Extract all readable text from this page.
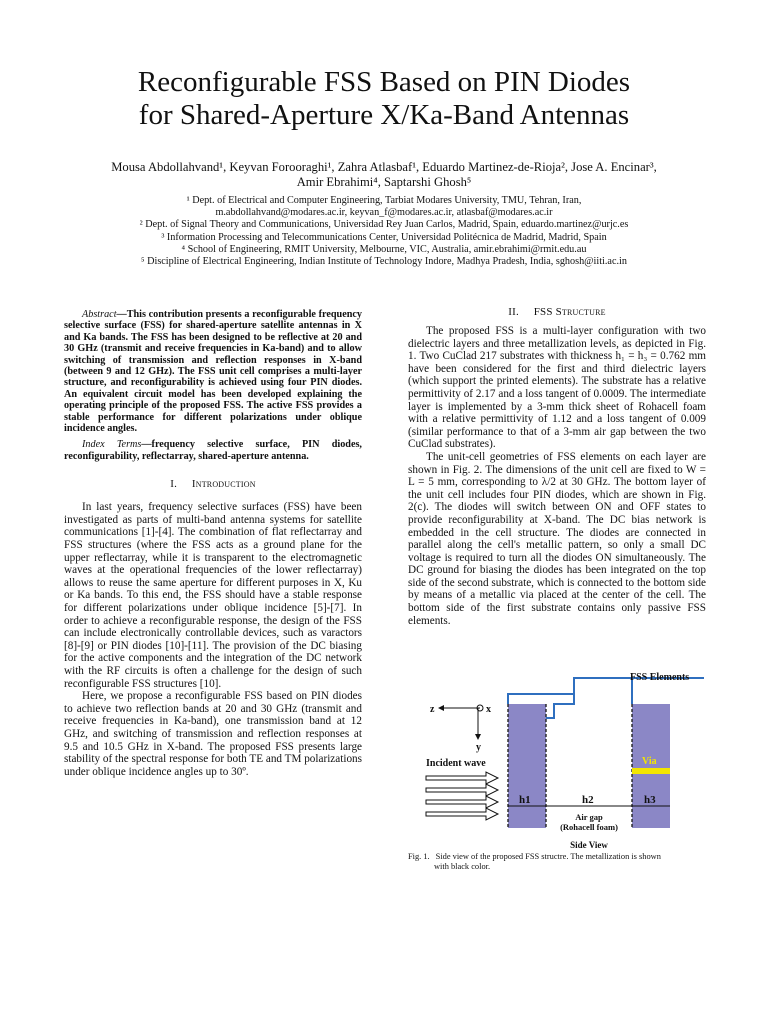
Reconfigurable FSS Based on PIN Diodes
for Shared-Aperture X/Ka-Band Antennas
Mousa Abdollahvand¹, Keyvan Forooraghi¹, Zahra Atlasbaf¹, Eduardo Martinez-de-Rioja², Jose A. Encinar³,
Amir Ebrahimi⁴, Saptarshi Ghosh⁵
¹ Dept. of Electrical and Computer Engineering, Tarbiat Modares University, TMU, Tehran, Iran,
m.abdollahvand@modares.ac.ir, keyvan_f@modares.ac.ir, atlasbaf@modares.ac.ir
² Dept. of Signal Theory and Communications, Universidad Rey Juan Carlos, Madrid, Spain, eduardo.martinez@urjc.es
³ Information Processing and Telecommunications Center, Universidad Politécnica de Madrid, Madrid, Spain
⁴ School of Engineering, RMIT University, Melbourne, VIC, Australia, amir.ebrahimi@rmit.edu.au
⁵ Discipline of Electrical Engineering, Indian Institute of Technology Indore, Madhya Pradesh, India, sghosh@iiti.ac.in

Abstract—This contribution presents a reconfigurable frequency selective surface (FSS) for shared-aperture satellite antennas in X and Ka bands. The FSS has been designed to be reflective at 20 and 30 GHz (transmit and receive frequencies in Ka-band) and to allow switching of transmission and reflection responses in X-band (between 9 and 12 GHz). The FSS unit cell comprises a multi-layer structure, and reconfigurability is achieved using four PIN diodes. An equivalent circuit model has been developed explaining the operating principle of the proposed FSS. The active FSS provides a stable performance for different polarizations under oblique incidence angles.

Index Terms—frequency selective surface, PIN diodes, reconfigurability, reflectarray, shared-aperture antenna.

I. Introduction

In last years, frequency selective surfaces (FSS) have been investigated as parts of multi-band antenna systems for satellite communications [1]-[4]. The combination of flat reflectarray and FSS structures (where the FSS acts as a ground plane for the upper reflectarray, while it is transparent to the electromagnetic waves at the operational frequencies of the lower reflectarray) allows to reuse the same aperture for different purposes in X, Ku or Ka bands. To this end, the FSS should have a stable response for different polarizations under oblique incidence [5]-[7]. In order to achieve a reconfigurable response, the design of the FSS can include electronically controllable devices, such as varactors [8]-[9] or PIN diodes [10]-[11]. The provision of the DC biasing for the active components and the integration of the DC network with the RF circuits is often a challenge for the design of such reconfigurable FSS structures [10].

Here, we propose a reconfigurable FSS based on PIN diodes to achieve two reflection bands at 20 and 30 GHz (transmit and receive frequencies in Ka-band), one transmission band at 12 GHz, and switching of transmission and reflection responses at 9.5 and 10.5 GHz in X-band. The proposed FSS presents large stability of the spectral response for both TE and TM polarizations under oblique incidence angles up to 30º.

II. FSS Structure

The proposed FSS is a multi-layer configuration with two dielectric layers and three metallization levels, as depicted in Fig. 1. Two CuClad 217 substrates with thickness h₁ = h₃ = 0.762 mm have been considered for the first and third dielectric layers (which support the printed elements). The substrate has a relative permittivity of 2.17 and a loss tangent of 0.0009. The intermediate layer is implemented by a 3-mm thick sheet of Rohacell foam with a relative permittivity of 1.12 and a loss tangent of 0.009 (similar performance to that of a 3-mm air gap between the two CuClad substrates).

The unit-cell geometries of FSS elements on each layer are shown in Fig. 2. The dimensions of the unit cell are fixed to W = L = 5 mm, corresponding to λ/2 at 30 GHz. The bottom layer of the unit cell includes four PIN diodes, which are shown in Fig. 2(c). The diodes will switch between ON and OFF states to provide reconfigurability at X-band. The DC bias network is embedded in the cell structure. The diodes are connected in parallel along the cell's metallic pattern, so only a small DC voltage is required to turn all the diodes ON simultaneously. The DC ground for biasing the diodes has been integrated on the top side of the second substrate, which is connected to the bottom side by means of a metallic via placed at the center of the cell. The bottom side of the first substrate contains only passive FSS elements.

Via
FSS Elements
z	x
y
Incident wave
h1	h2	h3
Air gap
(Rohacell foam)
Side View
Fig. 1. Side view of the proposed FSS structre. The metallization is shown
with black color.
